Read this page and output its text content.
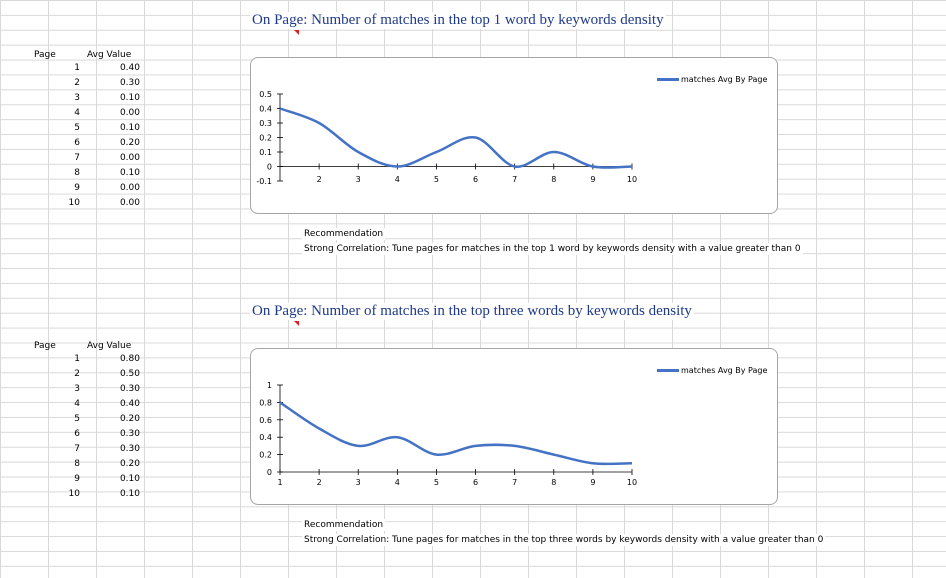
On Page: Number of matches in the top 1 word by keywords density
Page	Avg Value
1	0.40
2	0.30
3	0.10
4	0.00
5	0.10
6	0.20
7	0.00
8	0.10
9	0.00
10	0.00
0.5
0.4
0.3
0.2
0.1
0
-0.1	2	3	4	5	6	7	8	9	10
matches Avg By Page
Recommendation
Strong Correlation: Tune pages for matches in the top 1 word by keywords density with a value greater than 0
On Page: Number of matches in the top three words by keywords density
Page	Avg Value
1	0.80
2	0.50
3	0.30
4	0.40
5	0.20
6	0.30
7	0.30
8	0.20
9	0.10
10	0.10
1
0.8
0.6
0.4
0.2
0
1	2	3	4	5	6	7	8	9	10
matches Avg By Page
Recommendation
Strong Correlation: Tune pages for matches in the top three words by keywords density with a value greater than 0
